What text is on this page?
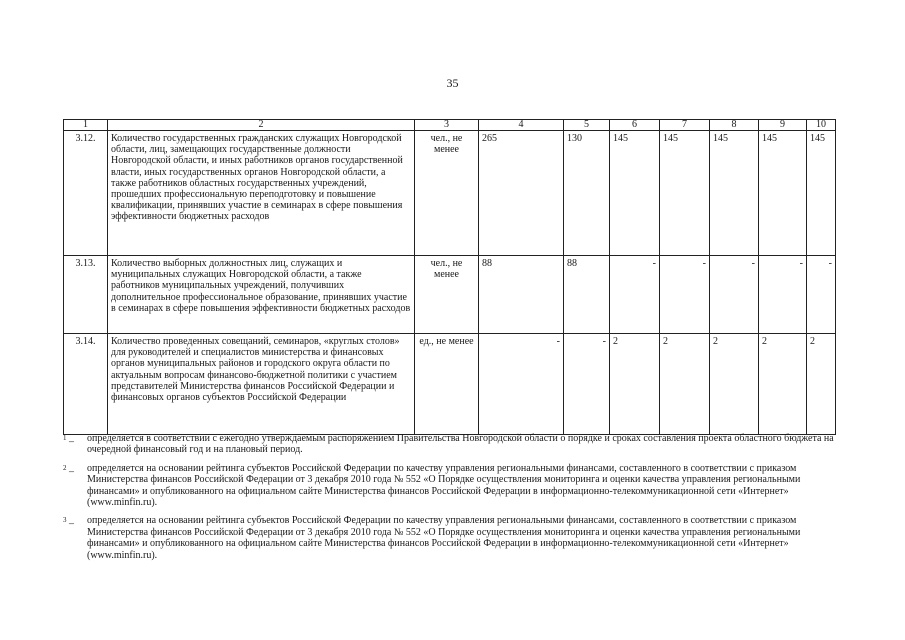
35
1	2	3	4	5	6	7	8	9	10
3.12.	Количество государственных гражданских служащих Новгородской области, лиц, замещающих государственные должности Новгородской области, и иных работников органов государственной власти, иных государственных органов Новгородской области, а также работников областных государственных учреждений, прошедших профессиональную переподготовку и повышение квалификации, принявших участие в семинарах в сфере повышения эффективности бюджетных расходов	чел., не менее	265	130	145	145	145	145	145
3.13.	Количество выборных должностных лиц, служащих и муниципальных служащих Новгородской области, а также работников муниципальных учреждений, получивших дополнительное профессиональное образование, принявших участие в семинарах в сфере повышения эффективности бюджетных расходов	чел., не менее	88	88	-	-	-	-	-
3.14.	Количество проведенных совещаний, семинаров, «круглых столов» для руководителей и специалистов министерства и финансовых органов муниципальных районов и городского округа области по актуальным вопросам финансово-бюджетной политики с участием представителей Министерства финансов Российской Федерации и финансовых органов субъектов Российской Федерации	ед., не менее	-	-	2	2	2	2	2
$^1$ – определяется в соответствии с ежегодно утверждаемым распоряжением Правительства Новгородской области о порядке и сроках составления проекта областного бюджета на очередной финансовый год и на плановый период.
$^2$ – определяется на основании рейтинга субъектов Российской Федерации по качеству управления региональными финансами, составленного в соответствии с приказом Министерства финансов Российской Федерации от 3 декабря 2010 года № 552 «О Порядке осуществления мониторинга и оценки качества управления региональными финансами» и опубликованного на официальном сайте Министерства финансов Российской Федерации в информационно-телекоммуникационной сети «Интернет» (www.minfin.ru).
$^3$ – определяется на основании рейтинга субъектов Российской Федерации по качеству управления региональными финансами, составленного в соответствии с приказом Министерства финансов Российской Федерации от 3 декабря 2010 года № 552 «О Порядке осуществления мониторинга и оценки качества управления региональными финансами» и опубликованного на официальном сайте Министерства финансов Российской Федерации в информационно-телекоммуникационной сети «Интернет» (www.minfin.ru).
